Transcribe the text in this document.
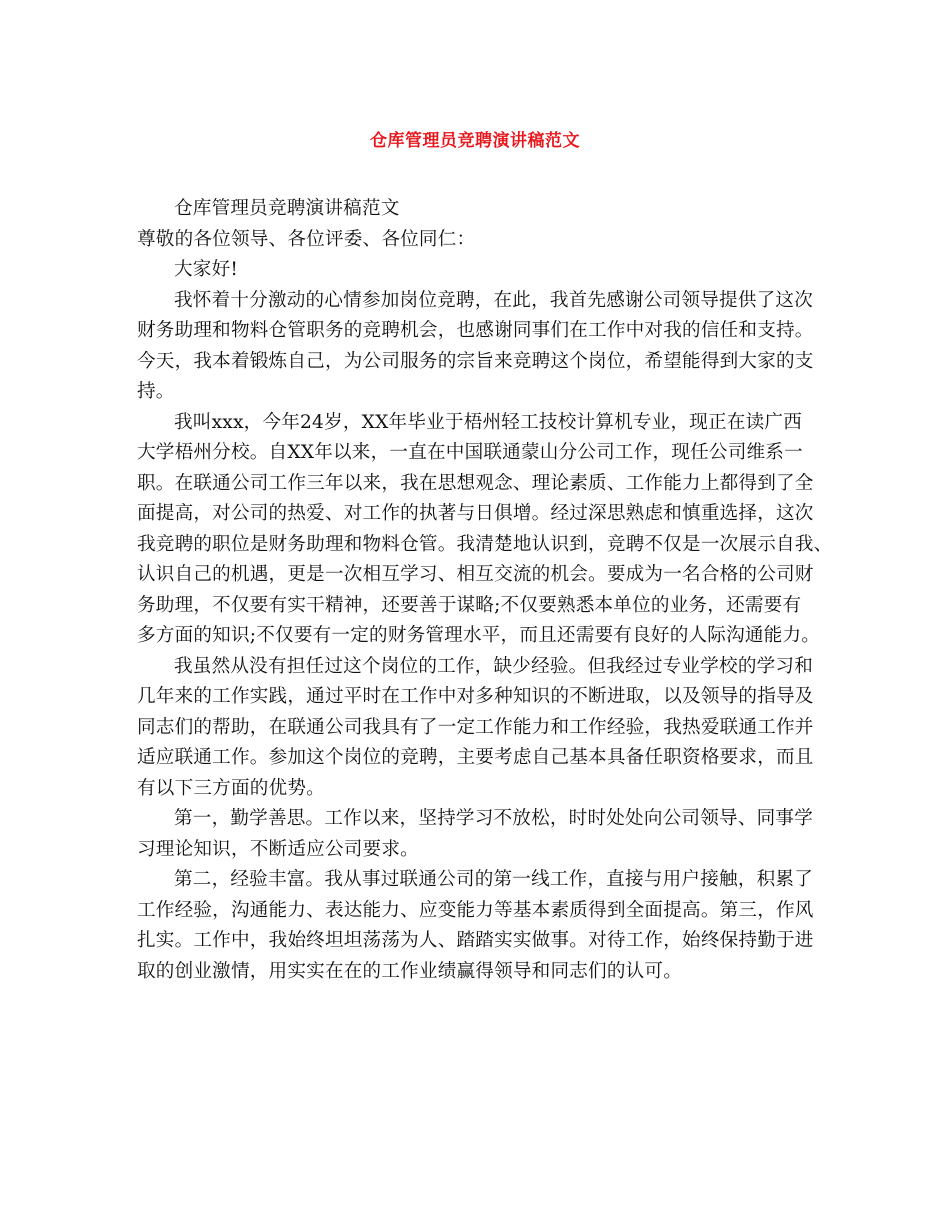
仓库管理员竞聘演讲稿范文
仓库管理员竞聘演讲稿范文
尊敬的各位领导、各位评委、各位同仁：
大家好!
我怀着十分激动的心情参加岗位竞聘，在此，我首先感谢公司领导提供了这次
财务助理和物料仓管职务的竞聘机会，也感谢同事们在工作中对我的信任和支持。
今天，我本着锻炼自己，为公司服务的宗旨来竞聘这个岗位，希望能得到大家的支
持。
我叫xxx，今年24岁，XX年毕业于梧州轻工技校计算机专业，现正在读广西
大学梧州分校。自XX年以来，一直在中国联通蒙山分公司工作，现任公司维系一
职。在联通公司工作三年以来，我在思想观念、理论素质、工作能力上都得到了全
面提高，对公司的热爱、对工作的执著与日俱增。经过深思熟虑和慎重选择，这次
我竞聘的职位是财务助理和物料仓管。我清楚地认识到，竞聘不仅是一次展示自我、
认识自己的机遇，更是一次相互学习、相互交流的机会。要成为一名合格的公司财
务助理，不仅要有实干精神，还要善于谋略;不仅要熟悉本单位的业务，还需要有
多方面的知识;不仅要有一定的财务管理水平，而且还需要有良好的人际沟通能力。
我虽然从没有担任过这个岗位的工作，缺少经验。但我经过专业学校的学习和
几年来的工作实践，通过平时在工作中对多种知识的不断进取，以及领导的指导及
同志们的帮助，在联通公司我具有了一定工作能力和工作经验，我热爱联通工作并
适应联通工作。参加这个岗位的竞聘，主要考虑自己基本具备任职资格要求，而且
有以下三方面的优势。
第一，勤学善思。工作以来，坚持学习不放松，时时处处向公司领导、同事学
习理论知识，不断适应公司要求。
第二，经验丰富。我从事过联通公司的第一线工作，直接与用户接触，积累了
工作经验，沟通能力、表达能力、应变能力等基本素质得到全面提高。第三，作风
扎实。工作中，我始终坦坦荡荡为人、踏踏实实做事。对待工作，始终保持勤于进
取的创业激情，用实实在在的工作业绩赢得领导和同志们的认可。
